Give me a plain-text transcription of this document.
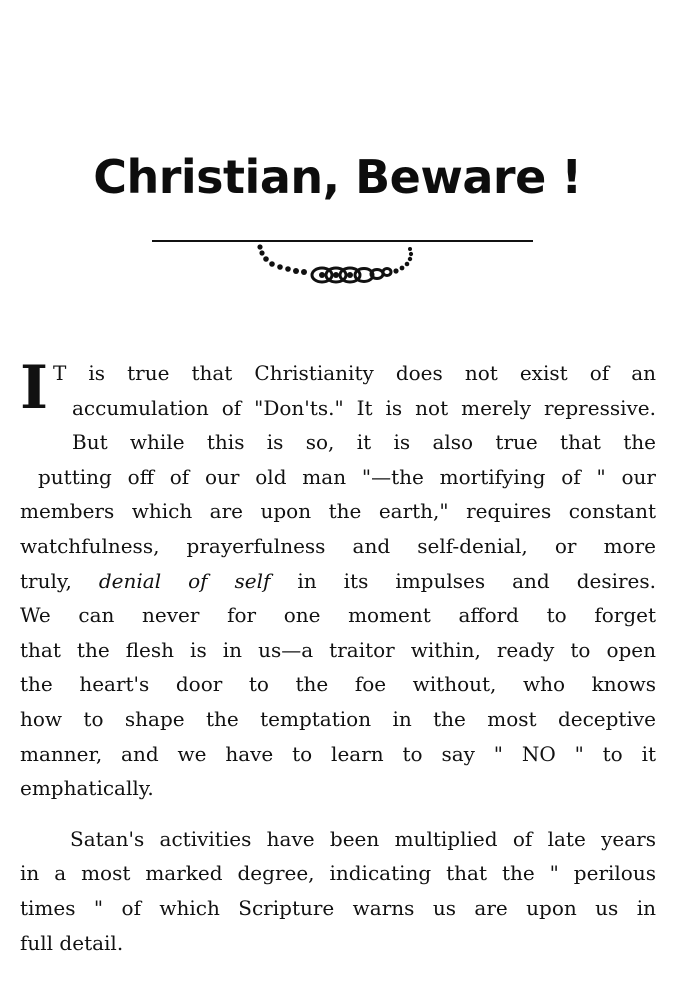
Christian, Beware !

I T is true that Christianity does not exist of an
accumulation of "Don'ts." It is not merely repressive.
But while this is so, it is also true that the
putting off of our old man "—the mortifying of " our
members which are upon the earth," requires constant
watchfulness, prayerfulness and self-denial, or more
truly, denial of self in its impulses and desires.
We can never for one moment afford to forget
that the flesh is in us—a traitor within, ready to open
the heart's door to the foe without, who knows
how to shape the temptation in the most deceptive
manner, and we have to learn to say " NO " to it
emphatically.

Satan's activities have been multiplied of late years
in a most marked degree, indicating that the " perilous
times " of which Scripture warns us are upon us in
full detail.
